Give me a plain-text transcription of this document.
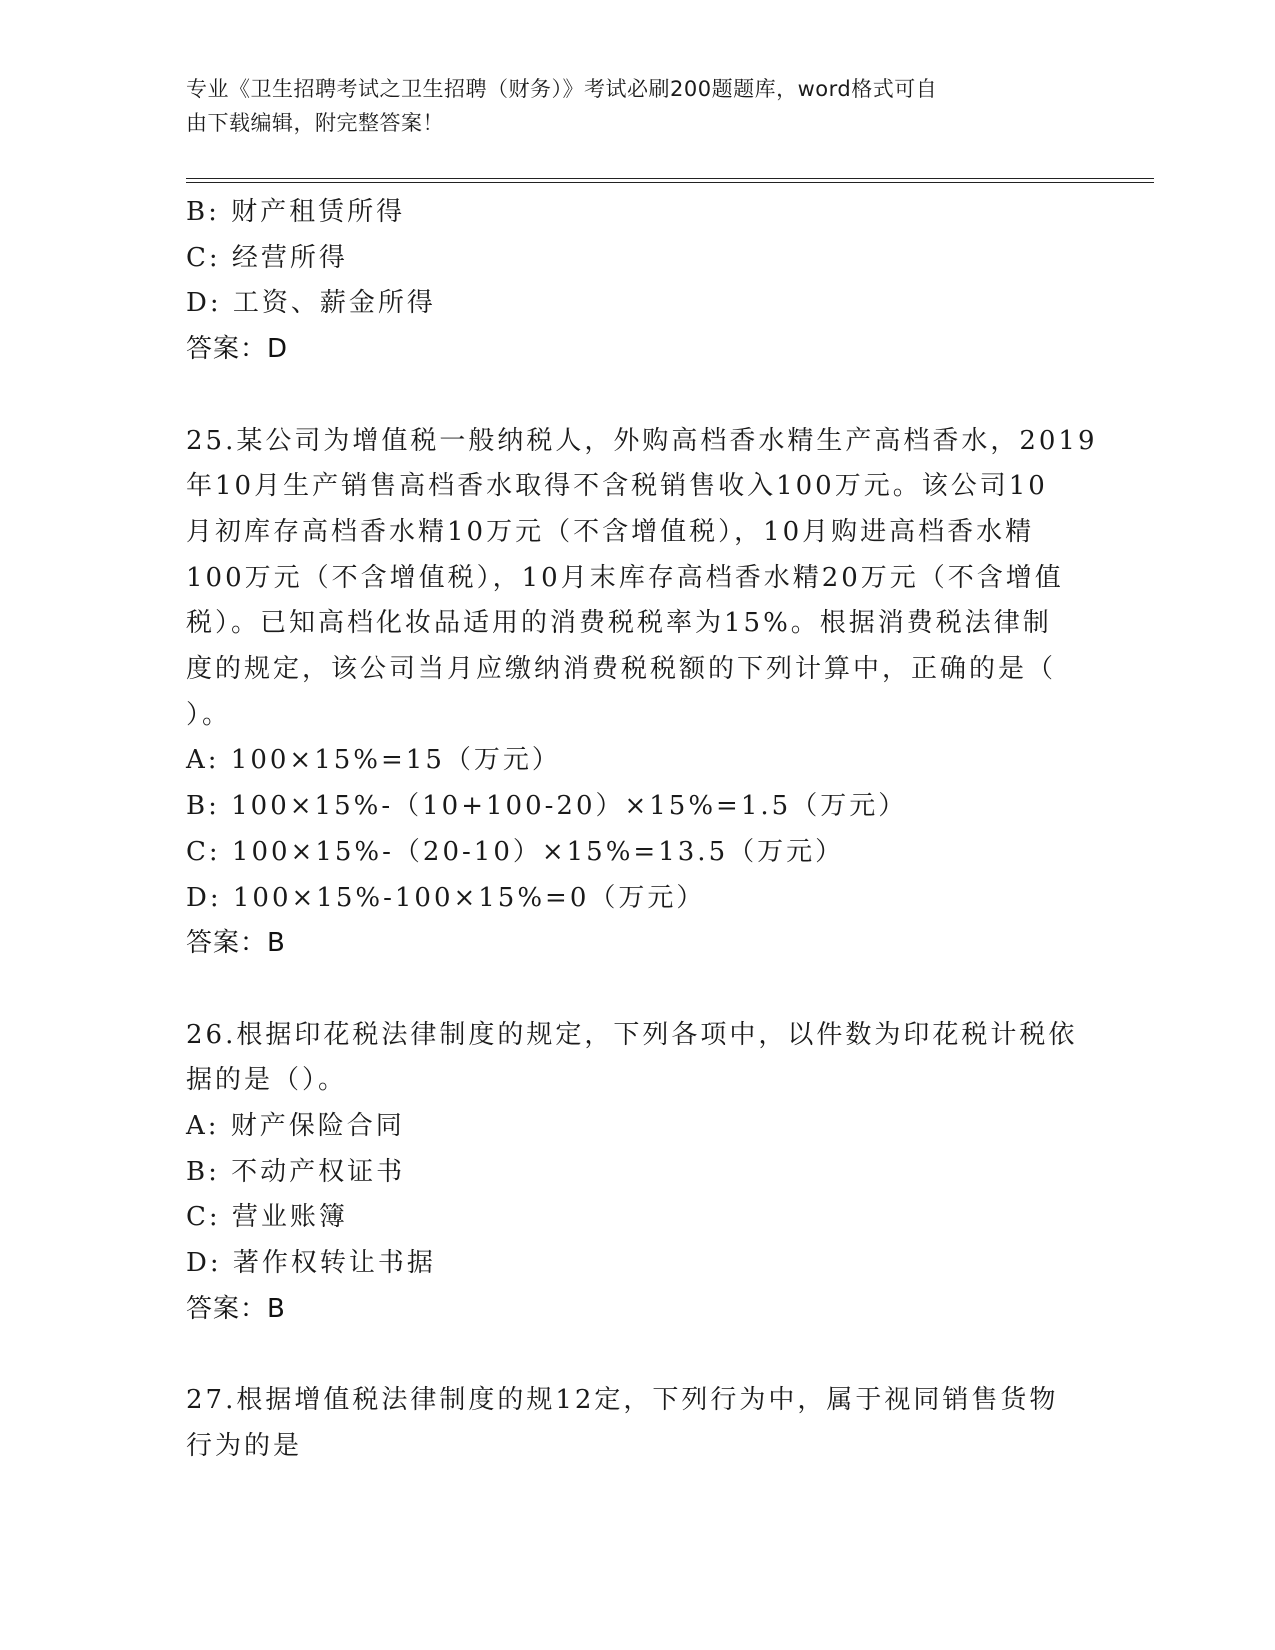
专业《卫生招聘考试之卫生招聘（财务）》考试必刷200题题库，word格式可自
由下载编辑，附完整答案！
B: 财产租赁所得
C: 经营所得
D: 工资、薪金所得
答案：D
25.某公司为增值税一般纳税人，外购高档香水精生产高档香水，2019
年10月生产销售高档香水取得不含税销售收入100万元。该公司10
月初库存高档香水精10万元（不含增值税），10月购进高档香水精
100万元（不含增值税），10月末库存高档香水精20万元（不含增值
税）。已知高档化妆品适用的消费税税率为15%。根据消费税法律制
度的规定，该公司当月应缴纳消费税税额的下列计算中，正确的是（
）。
A: 100×15%=15（万元）
B: 100×15%-（10+100-20）×15%=1.5（万元）
C: 100×15%-（20-10）×15%=13.5（万元）
D: 100×15%-100×15%=0（万元）
答案：B
26.根据印花税法律制度的规定，下列各项中，以件数为印花税计税依
据的是（）。
A: 财产保险合同
B: 不动产权证书
C: 营业账簿
D: 著作权转让书据
答案：B
27.根据增值税法律制度的规12定，下列行为中，属于视同销售货物
行为的是
